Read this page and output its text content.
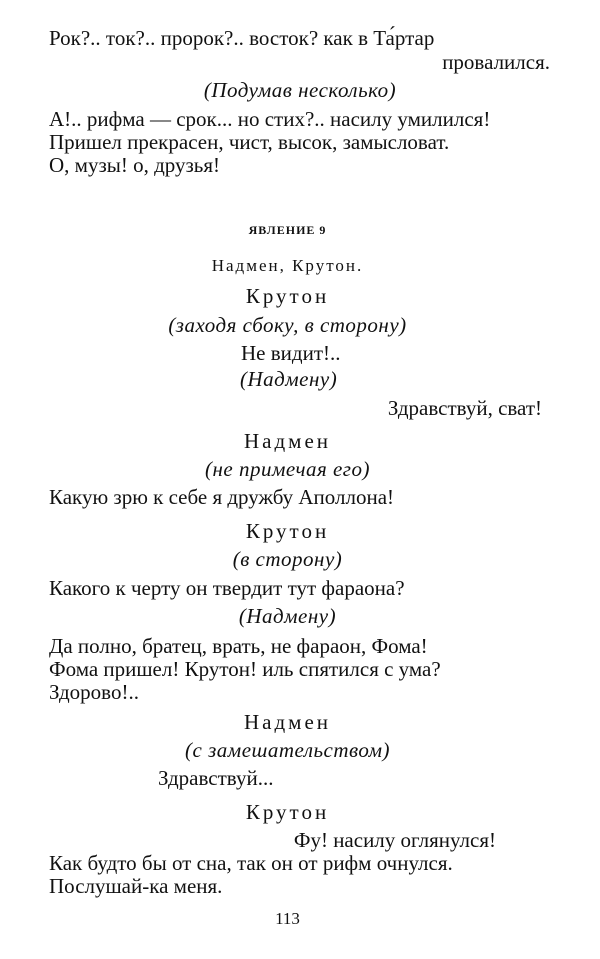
Рок?.. ток?.. пророк?.. восток? как в Та́ртар
провалился.
(Подумав несколько)
А!.. рифма — срок... но стих?.. насилу умилился!
Пришел прекрасен, чист, высок, замысловат.
О, музы! о, друзья!
ЯВЛЕНИЕ 9
Надмен, Крутон.
Крутон
(заходя сбоку, в сторону)
Не видит!..
(Надмену)
Здравствуй, сват!
Надмен
(не примечая его)
Какую зрю к себе я дружбу Аполлона!
Крутон
(в сторону)
Какого к черту он твердит тут фараона?
(Надмену)
Да полно, братец, врать, не фараон, Фома!
Фома пришел! Крутон! иль спятился с ума?
Здорово!..
Надмен
(с замешательством)
Здравствуй...
Крутон
Фу! насилу оглянулся!
Как будто бы от сна, так он от рифм очнулся.
Послушай-ка меня.
113
